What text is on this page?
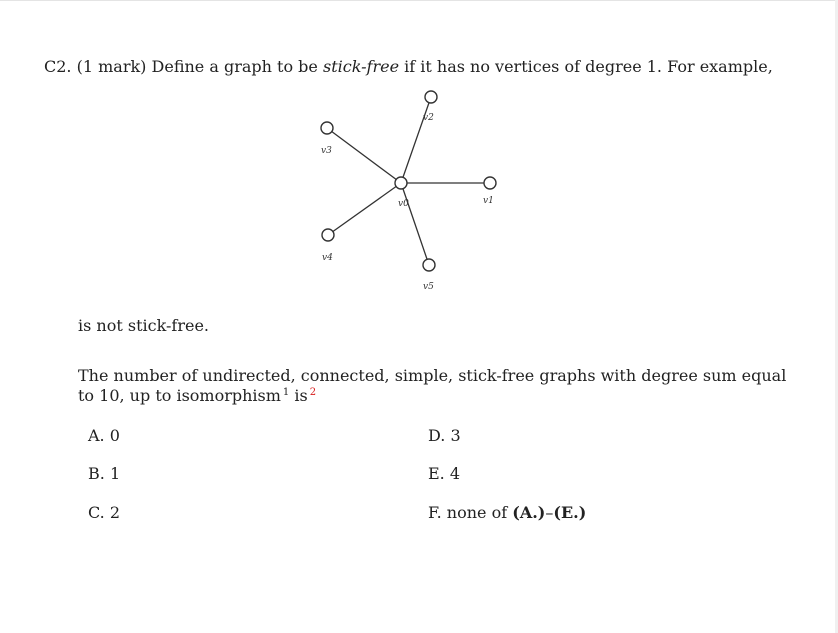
C2. (1 mark) Define a graph to be stick-free if it has no vertices of degree 1. For example,
v0	v1
v2
v3
v4
v5
is not stick-free.
The number of undirected, connected, simple, stick-free graphs with degree sum equal
to 10, up to isomorphism $^1$ is $^2$
A. 0
B. 1
C. 2
D. 3
E. 4
F. none of (A.)–(E.)
